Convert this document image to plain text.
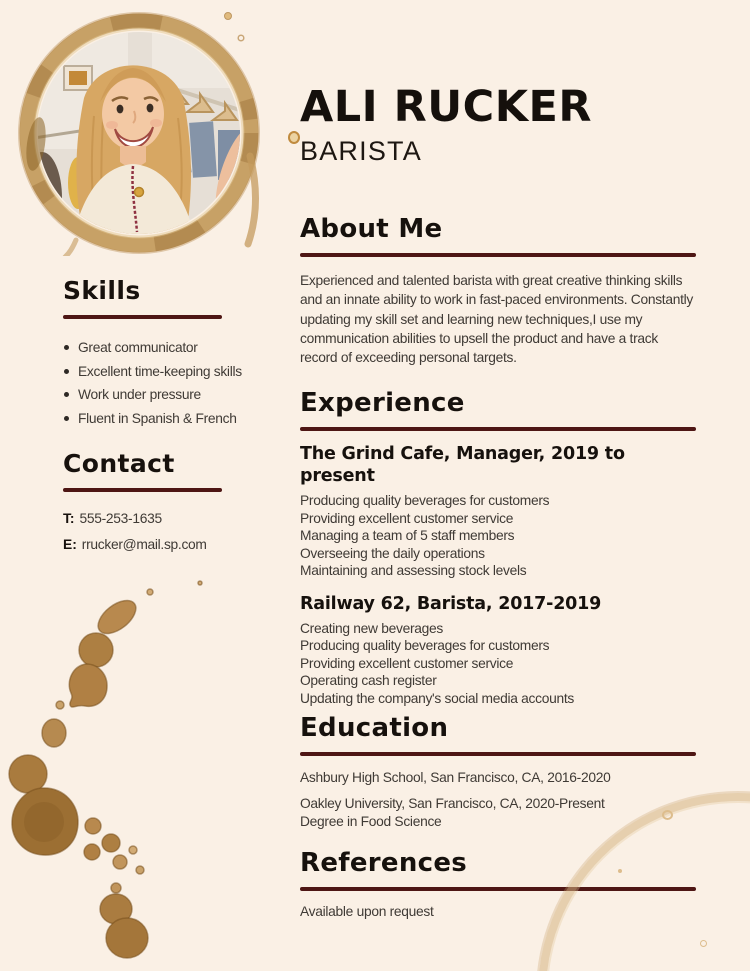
Skills
Great communicator
Excellent time-keeping skills
Work under pressure
Fluent in Spanish & French
Contact
T: 555-253-1635
E: rrucker@mail.sp.com
ALI RUCKER
BARISTA
About Me
Experienced and talented barista with great creative thinking skills and an innate ability to work in fast-paced environments. Constantly updating my skill set and learning new techniques,I use my communication abilities to upsell the product and have a track record of exceeding personal targets.
Experience
The Grind Cafe, Manager, 2019 to present
Producing quality beverages for customers
Providing excellent customer service
Managing a team of 5 staff members
Overseeing the daily operations
Maintaining and assessing stock levels
Railway 62, Barista, 2017-2019
Creating new beverages
Producing quality beverages for customers
Providing excellent customer service
Operating cash register
Updating the company's social media accounts
Education
Ashbury High School, San Francisco, CA, 2016-2020
Oakley University, San Francisco, CA, 2020-Present
Degree in Food Science
References
Available upon request
